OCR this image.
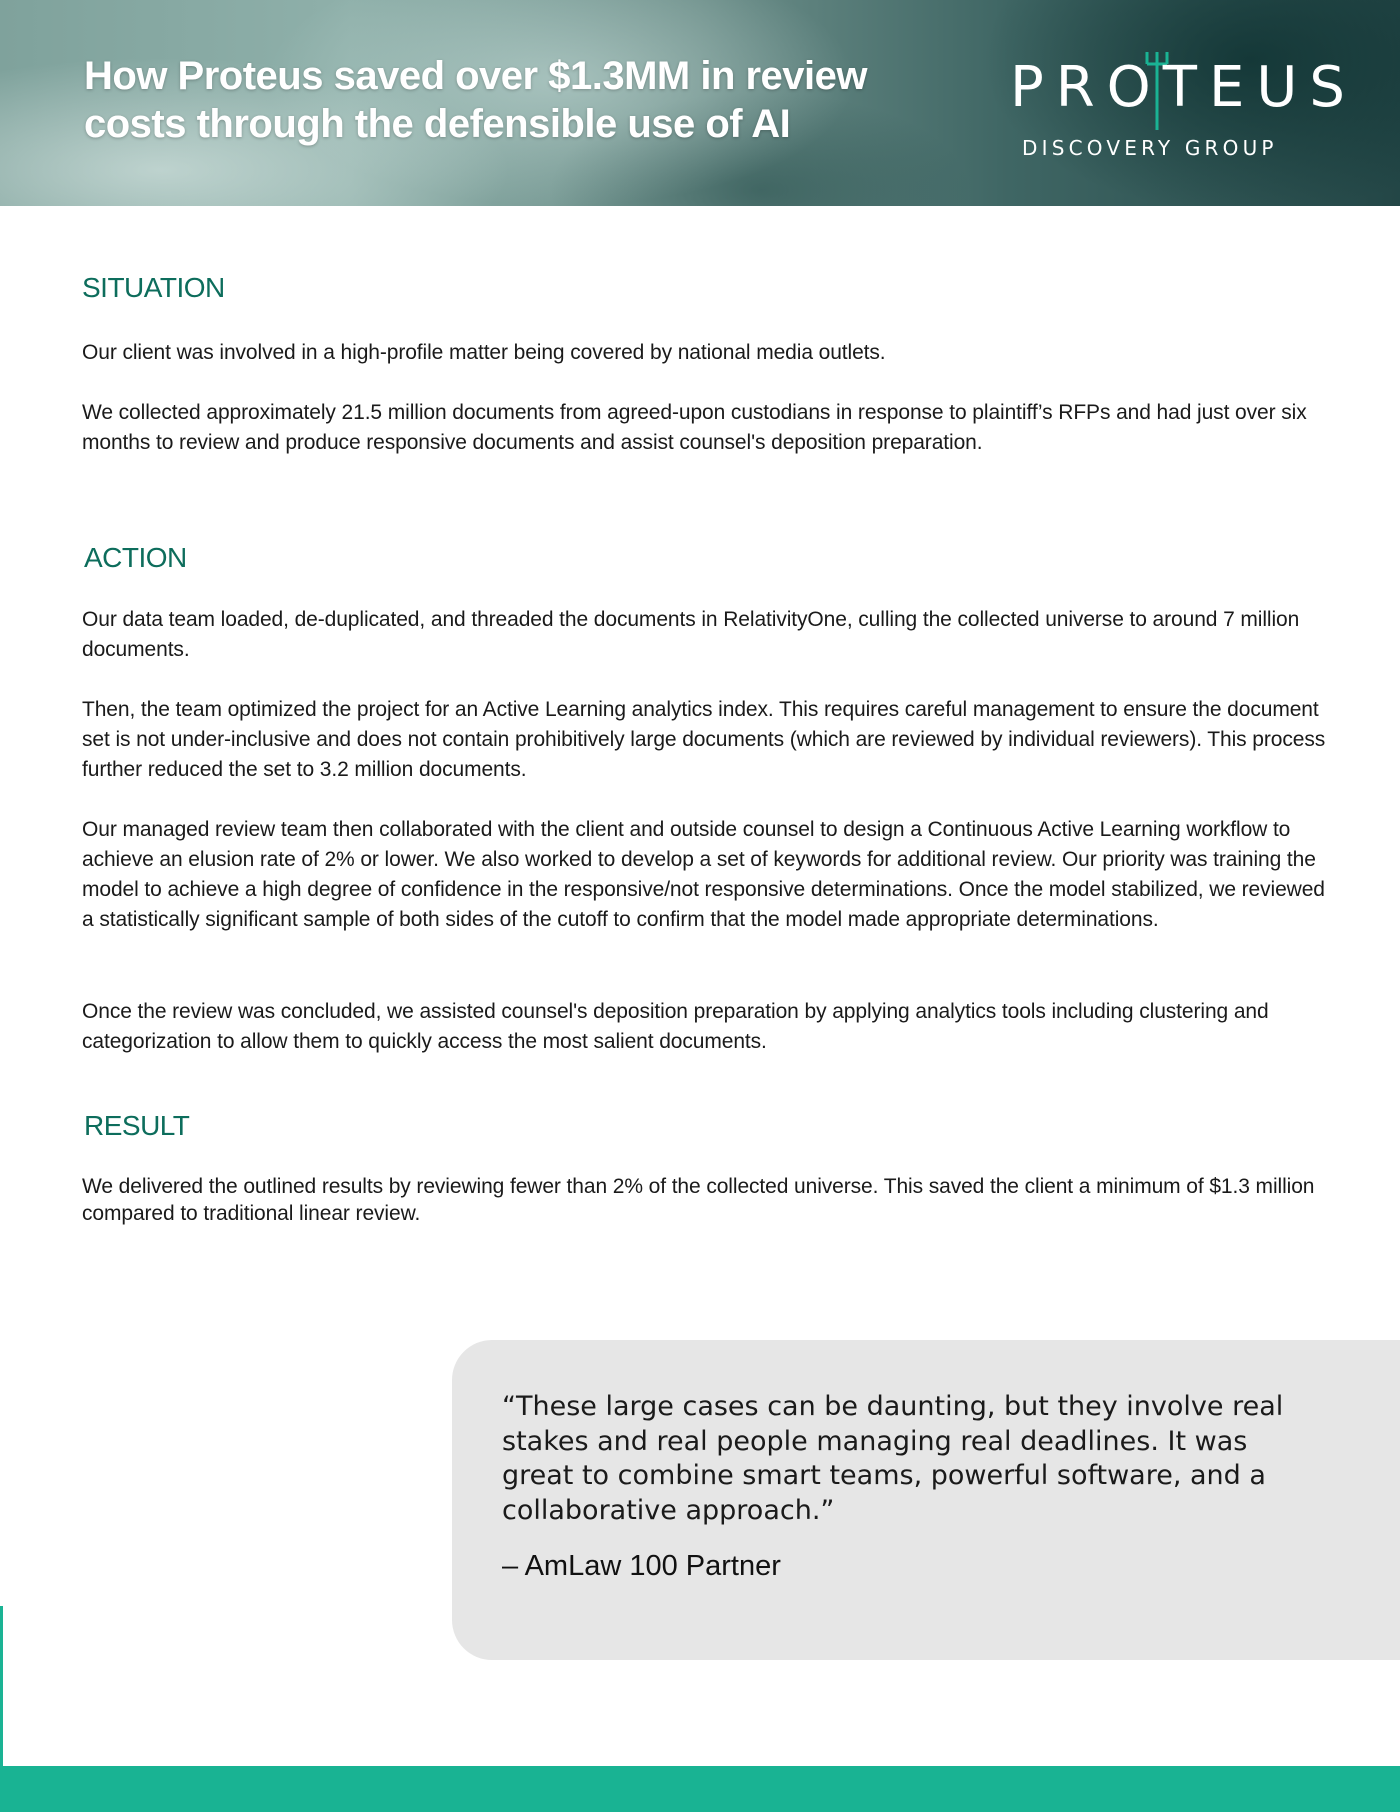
How Proteus saved over $1.3MM in review costs through the defensible use of AI
PROTEUS
DISCOVERY GROUP
SITUATION

Our client was involved in a high-profile matter being covered by national media outlets.

We collected approximately 21.5 million documents from agreed-upon custodians in response to plaintiff’s RFPs and had just over six months to review and produce responsive documents and assist counsel's deposition preparation.

ACTION

Our data team loaded, de-duplicated, and threaded the documents in RelativityOne, culling the collected universe to around 7 million documents.

Then, the team optimized the project for an Active Learning analytics index. This requires careful management to ensure the document set is not under-inclusive and does not contain prohibitively large documents (which are reviewed by individual reviewers). This process further reduced the set to 3.2 million documents.

Our managed review team then collaborated with the client and outside counsel to design a Continuous Active Learning workflow to achieve an elusion rate of 2% or lower. We also worked to develop a set of keywords for additional review. Our priority was training the model to achieve a high degree of confidence in the responsive/not responsive determinations. Once the model stabilized, we reviewed a statistically significant sample of both sides of the cutoff to confirm that the model made appropriate determinations.

Once the review was concluded, we assisted counsel's deposition preparation by applying analytics tools including clustering and categorization to allow them to quickly access the most salient documents.

RESULT

We delivered the outlined results by reviewing fewer than 2% of the collected universe. This saved the client a minimum of $1.3 million compared to traditional linear review.

“These large cases can be daunting, but they involve real stakes and real people managing real deadlines. It was great to combine smart teams, powerful software, and a collaborative approach.”

– AmLaw 100 Partner
